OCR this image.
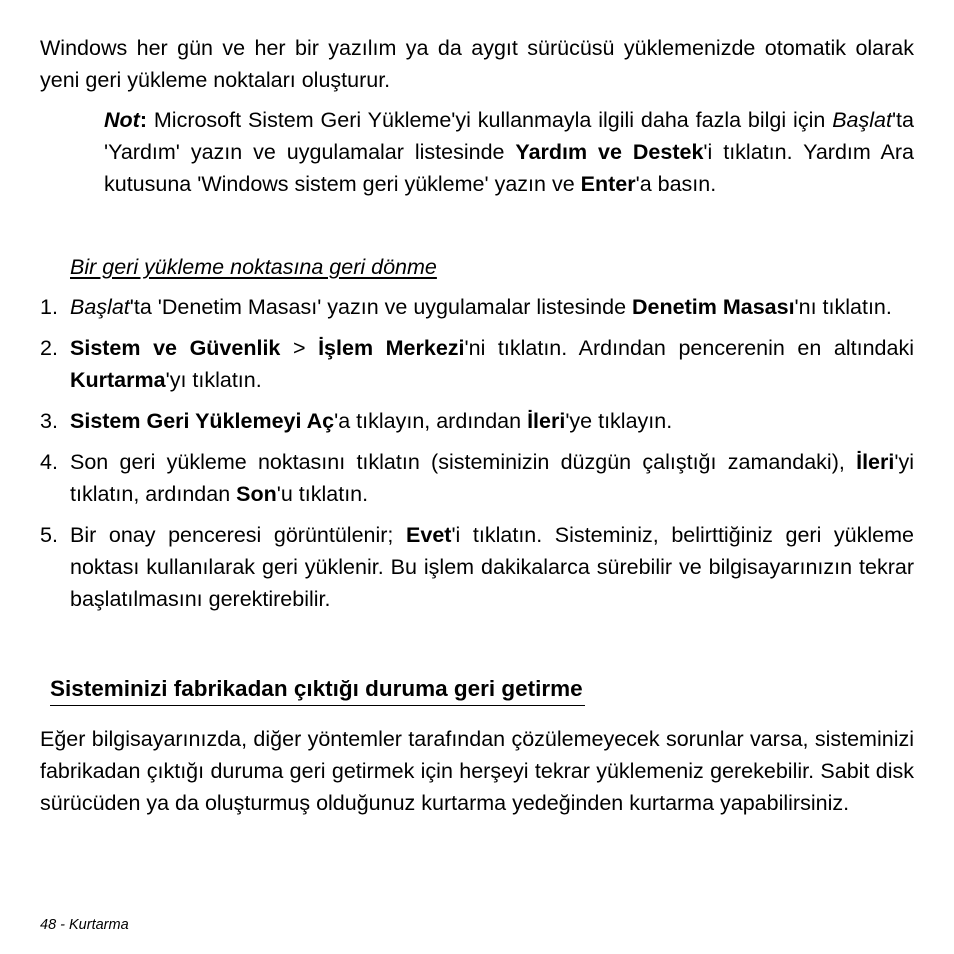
Windows her gün ve her bir yazılım ya da aygıt sürücüsü yüklemenizde otomatik olarak yeni geri yükleme noktaları oluşturur.

Not: Microsoft Sistem Geri Yükleme'yi kullanmayla ilgili daha fazla bilgi için Başlat'ta 'Yardım' yazın ve uygulamalar listesinde Yardım ve Destek'i tıklatın. Yardım Ara kutusuna 'Windows sistem geri yükleme' yazın ve Enter'a basın.

Bir geri yükleme noktasına geri dönme

1. Başlat'ta 'Denetim Masası' yazın ve uygulamalar listesinde Denetim Masası'nı tıklatın.
2. Sistem ve Güvenlik > İşlem Merkezi'ni tıklatın. Ardından pencerenin en altındaki Kurtarma'yı tıklatın.
3. Sistem Geri Yüklemeyi Aç'a tıklayın, ardından İleri'ye tıklayın.
4. Son geri yükleme noktasını tıklatın (sisteminizin düzgün çalıştığı zamandaki), İleri'yi tıklatın, ardından Son'u tıklatın.
5. Bir onay penceresi görüntülenir; Evet'i tıklatın. Sisteminiz, belirttiğiniz geri yükleme noktası kullanılarak geri yüklenir. Bu işlem dakikalarca sürebilir ve bilgisayarınızın tekrar başlatılmasını gerektirebilir.
Sisteminizi fabrikadan çıktığı duruma geri getirme

Eğer bilgisayarınızda, diğer yöntemler tarafından çözülemeyecek sorunlar varsa, sisteminizi fabrikadan çıktığı duruma geri getirmek için herşeyi tekrar yüklemeniz gerekebilir. Sabit disk sürücüden ya da oluşturmuş olduğunuz kurtarma yedeğinden kurtarma yapabilirsiniz.

48 - Kurtarma
